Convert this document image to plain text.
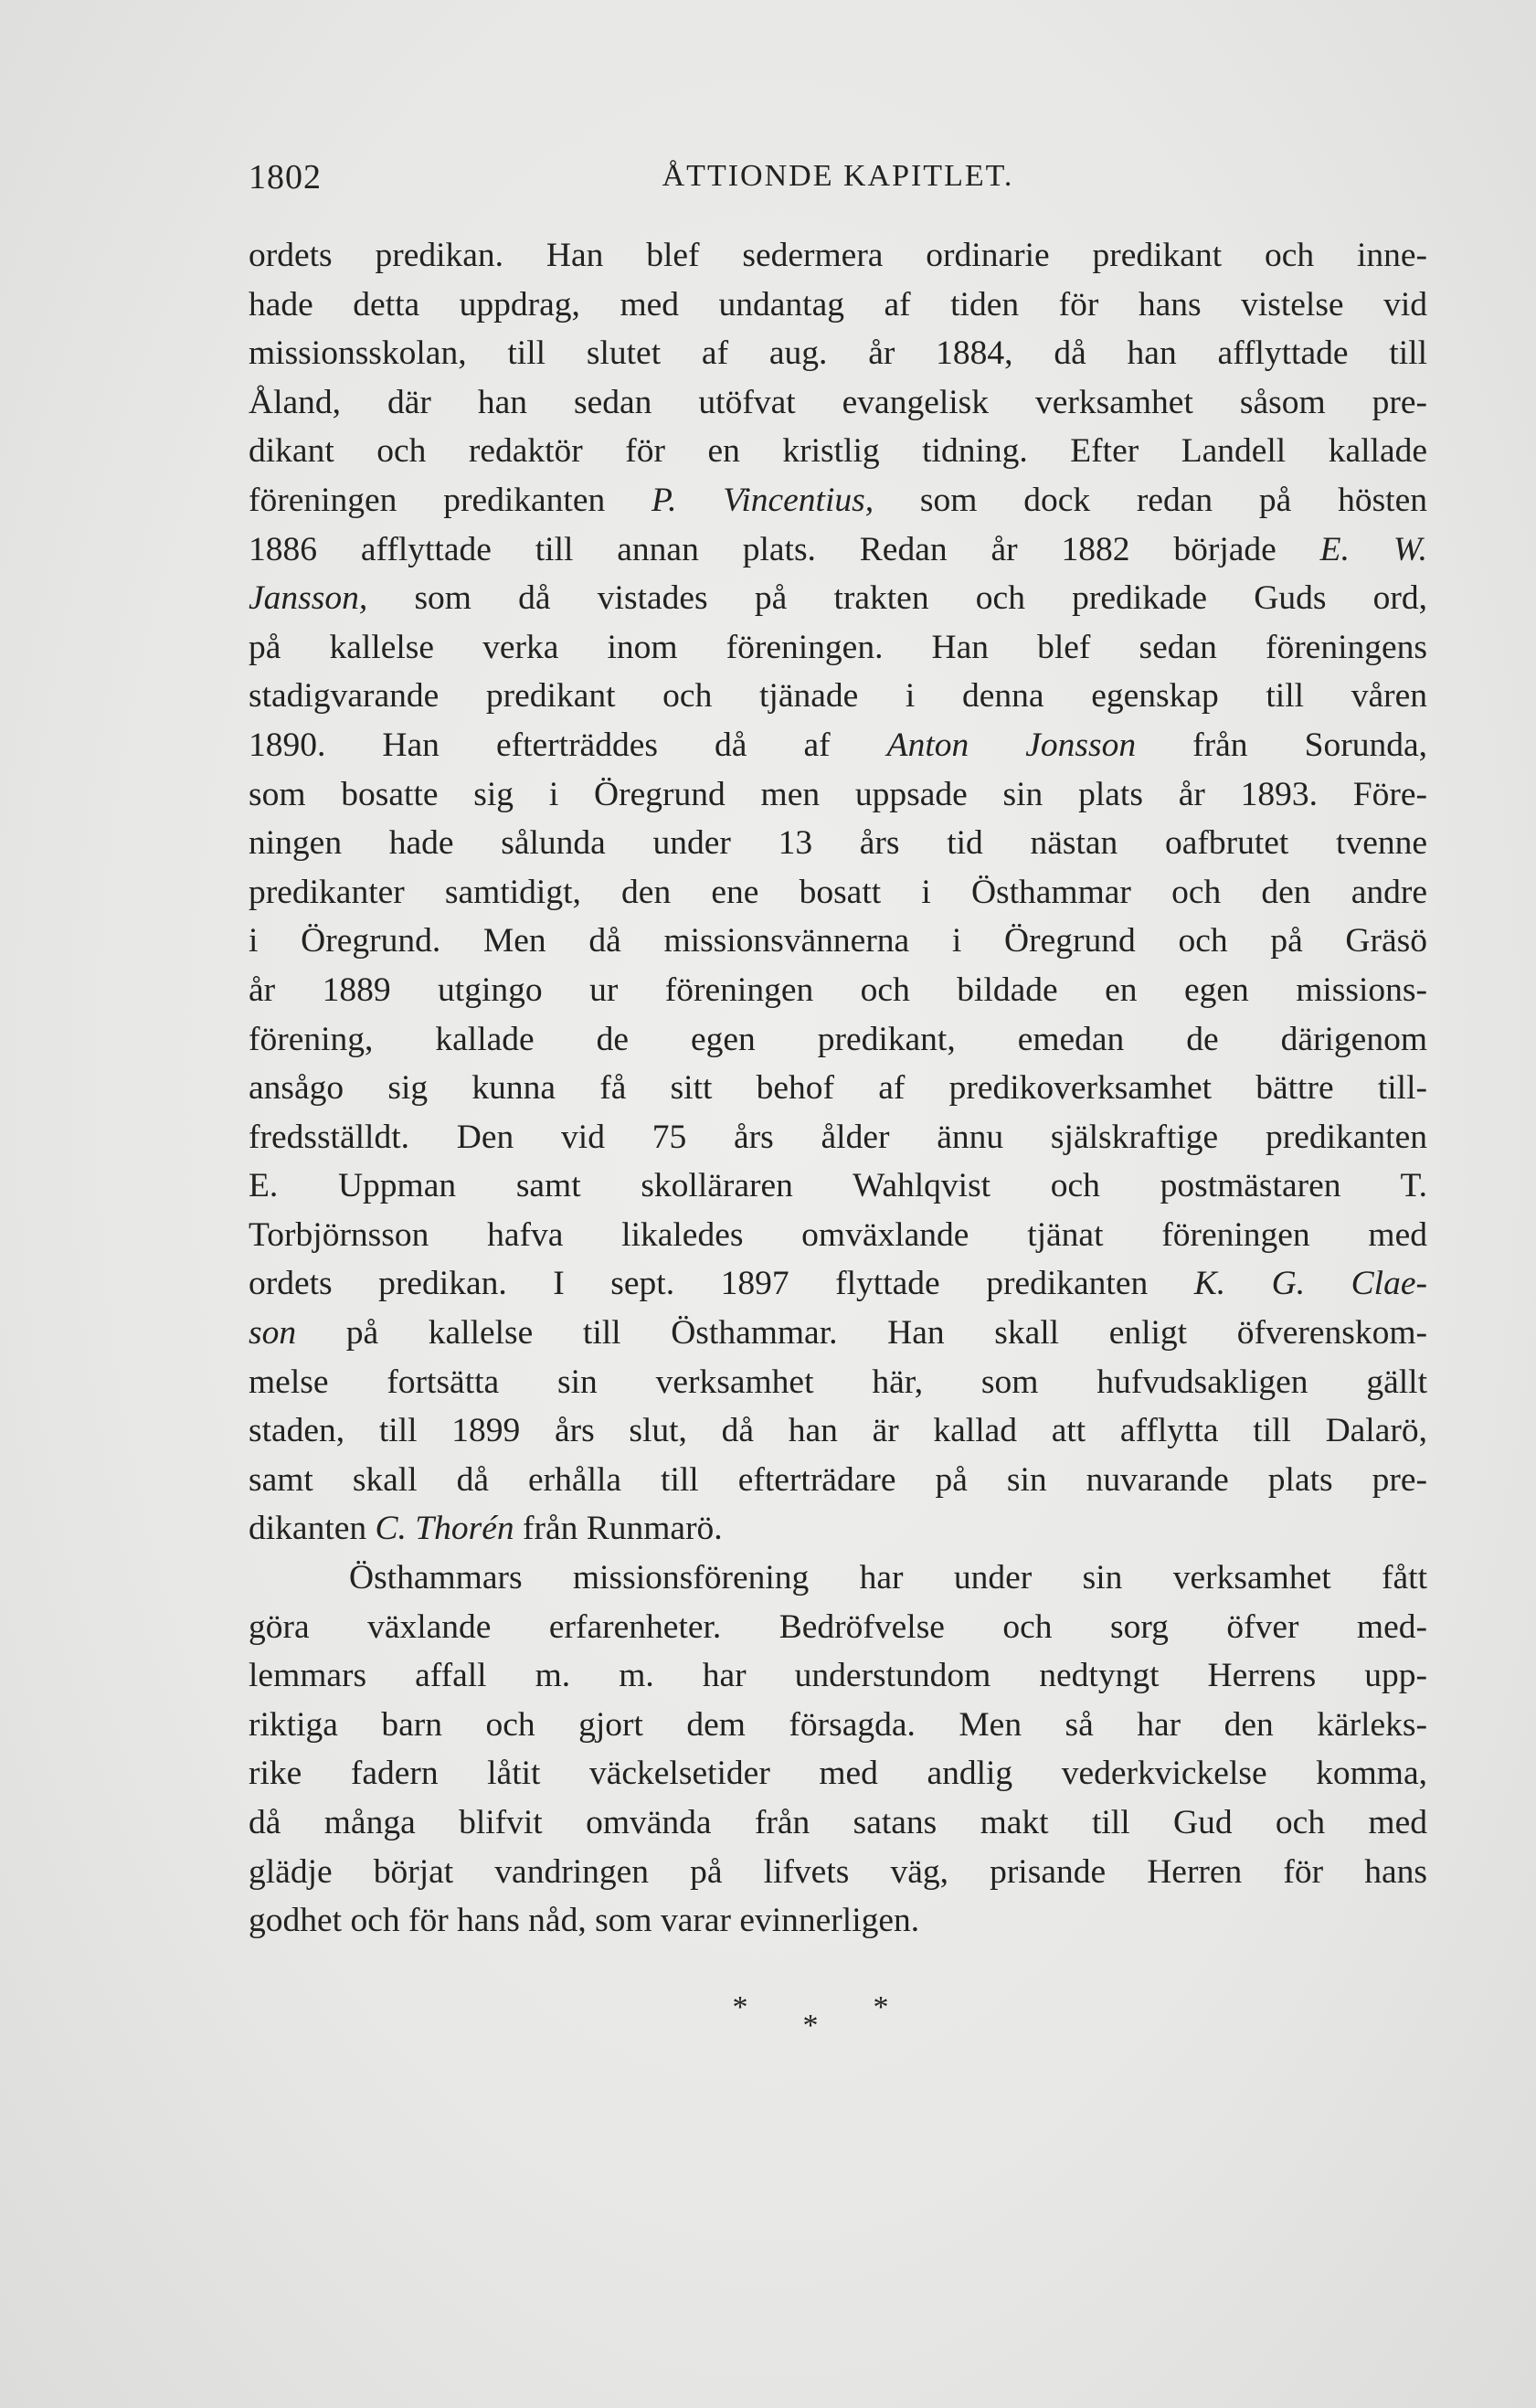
1802	ÅTTIONDE KAPITLET.
ordets predikan. Han blef sedermera ordinarie predikant och inne-
hade detta uppdrag, med undantag af tiden för hans vistelse vid
missionsskolan, till slutet af aug. år 1884, då han afflyttade till
Åland, där han sedan utöfvat evangelisk verksamhet såsom pre-
dikant och redaktör för en kristlig tidning. Efter Landell kallade
föreningen predikanten P. Vincentius, som dock redan på hösten
1886 afflyttade till annan plats. Redan år 1882 började E. W.
Jansson, som då vistades på trakten och predikade Guds ord,
på kallelse verka inom föreningen. Han blef sedan föreningens
stadigvarande predikant och tjänade i denna egenskap till våren
1890. Han efterträddes då af Anton Jonsson från Sorunda,
som bosatte sig i Öregrund men uppsade sin plats år 1893. Före-
ningen hade sålunda under 13 års tid nästan oafbrutet tvenne
predikanter samtidigt, den ene bosatt i Östhammar och den andre
i Öregrund. Men då missionsvännerna i Öregrund och på Gräsö
år 1889 utgingo ur föreningen och bildade en egen missions-
förening, kallade de egen predikant, emedan de därigenom
ansågo sig kunna få sitt behof af predikoverksamhet bättre till-
fredsställdt. Den vid 75 års ålder ännu själskraftige predikanten
E. Uppman samt skolläraren Wahlqvist och postmästaren T.
Torbjörnsson hafva likaledes omväxlande tjänat föreningen med
ordets predikan. I sept. 1897 flyttade predikanten K. G. Clae-
son på kallelse till Östhammar. Han skall enligt öfverenskom-
melse fortsätta sin verksamhet här, som hufvudsakligen gällt
staden, till 1899 års slut, då han är kallad att afflytta till Dalarö,
samt skall då erhålla till efterträdare på sin nuvarande plats pre-
dikanten C. Thorén från Runmarö.
Östhammars missionsförening har under sin verksamhet fått
göra växlande erfarenheter. Bedröfvelse och sorg öfver med-
lemmars affall m. m. har understundom nedtyngt Herrens upp-
riktiga barn och gjort dem försagda. Men så har den kärleks-
rike fadern låtit väckelsetider med andlig vederkvickelse komma,
då många blifvit omvända från satans makt till Gud och med
glädje börjat vandringen på lifvets väg, prisande Herren för hans
godhet och för hans nåd, som varar evinnerligen.
***
